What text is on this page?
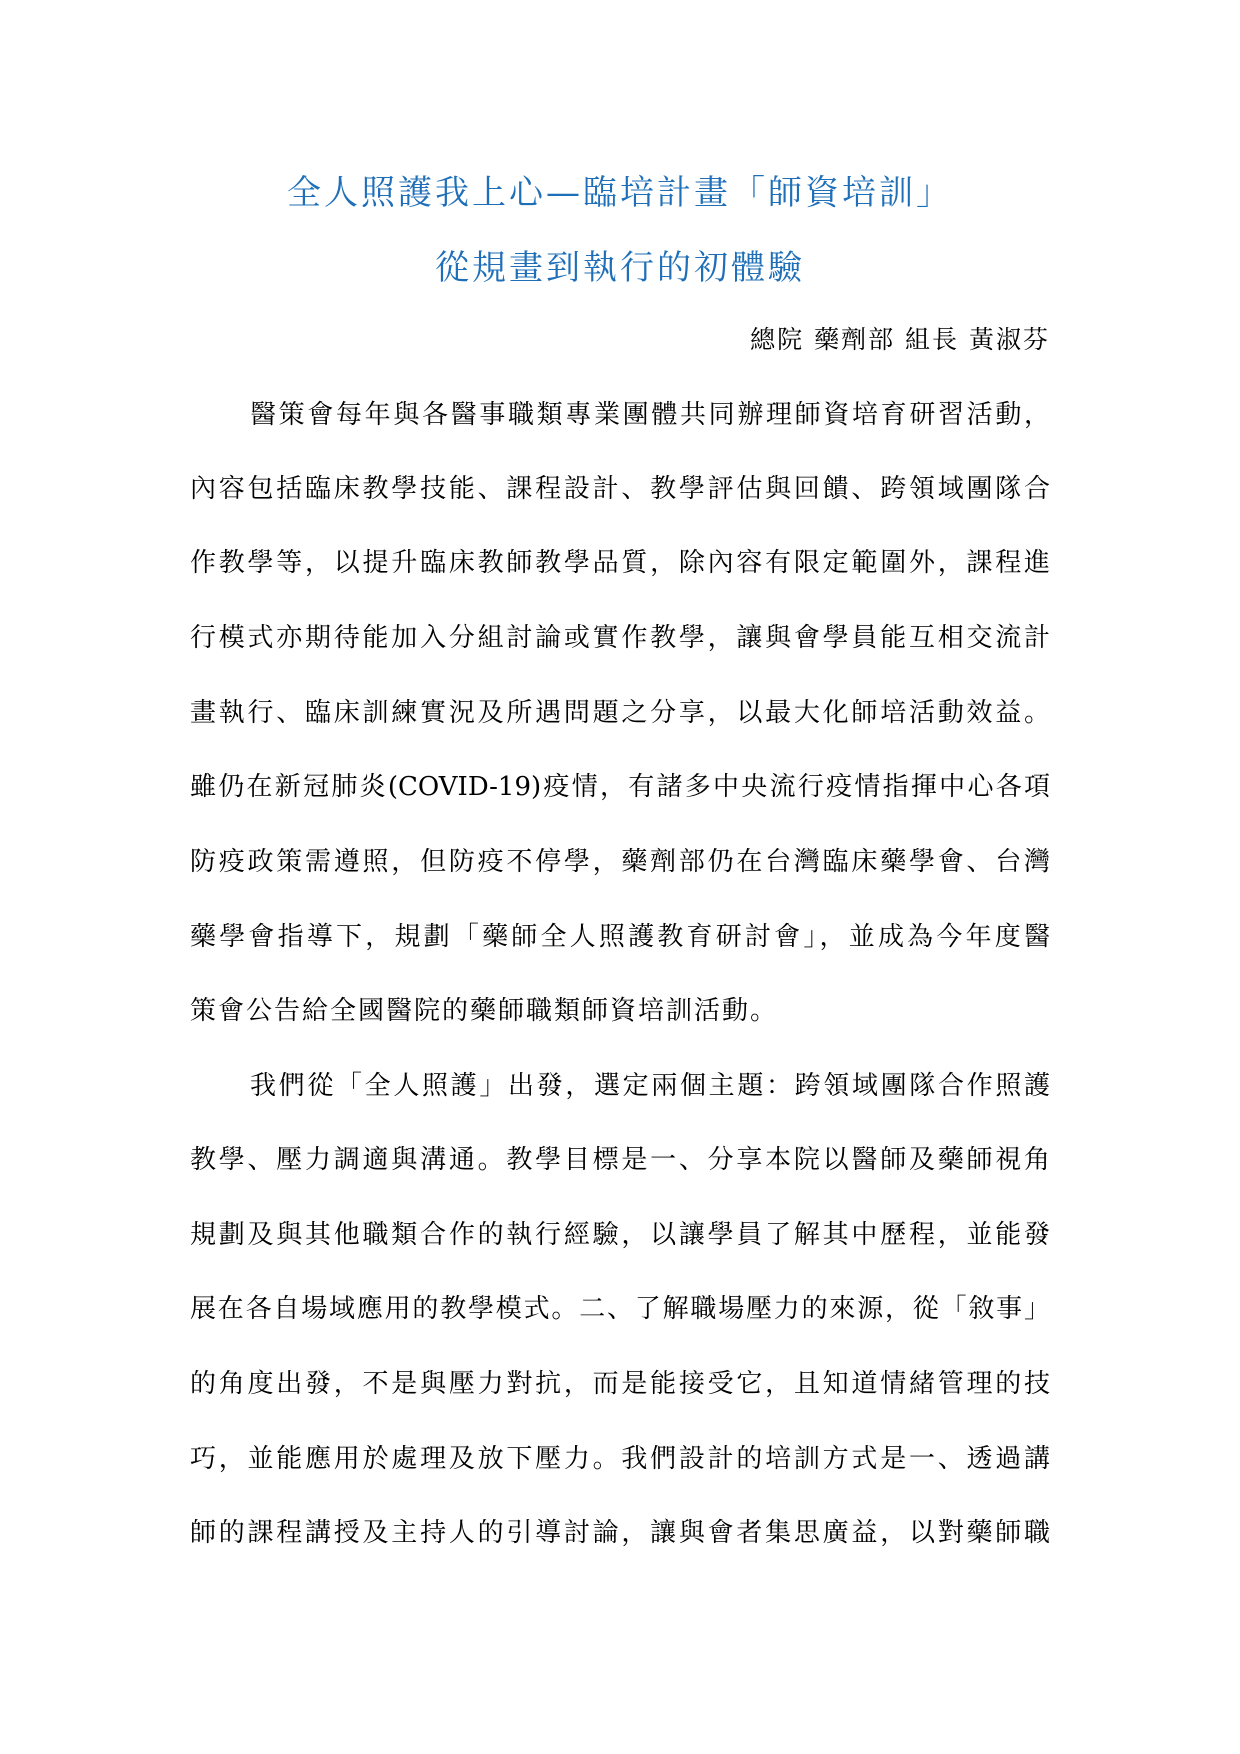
全人照護我上心—臨培計畫「師資培訓」
從規畫到執行的初體驗
總院 藥劑部 組長 黃淑芬
醫策會每年與各醫事職類專業團體共同辦理師資培育研習活動，
內容包括臨床教學技能、課程設計、教學評估與回饋、跨領域團隊合
作教學等，以提升臨床教師教學品質，除內容有限定範圍外，課程進
行模式亦期待能加入分組討論或實作教學，讓與會學員能互相交流計
畫執行、臨床訓練實況及所遇問題之分享，以最大化師培活動效益。
雖仍在新冠肺炎(COVID-19)疫情，有諸多中央流行疫情指揮中心各項
防疫政策需遵照，但防疫不停學，藥劑部仍在台灣臨床藥學會、台灣
藥學會指導下，規劃「藥師全人照護教育研討會」，並成為今年度醫
策會公告給全國醫院的藥師職類師資培訓活動。
我們從「全人照護」出發，選定兩個主題：跨領域團隊合作照護
教學、壓力調適與溝通。教學目標是一、分享本院以醫師及藥師視角
規劃及與其他職類合作的執行經驗，以讓學員了解其中歷程，並能發
展在各自場域應用的教學模式。二、了解職場壓力的來源，從「敘事」
的角度出發，不是與壓力對抗，而是能接受它，且知道情緒管理的技
巧，並能應用於處理及放下壓力。我們設計的培訓方式是一、透過講
師的課程講授及主持人的引導討論，讓與會者集思廣益，以對藥師職
